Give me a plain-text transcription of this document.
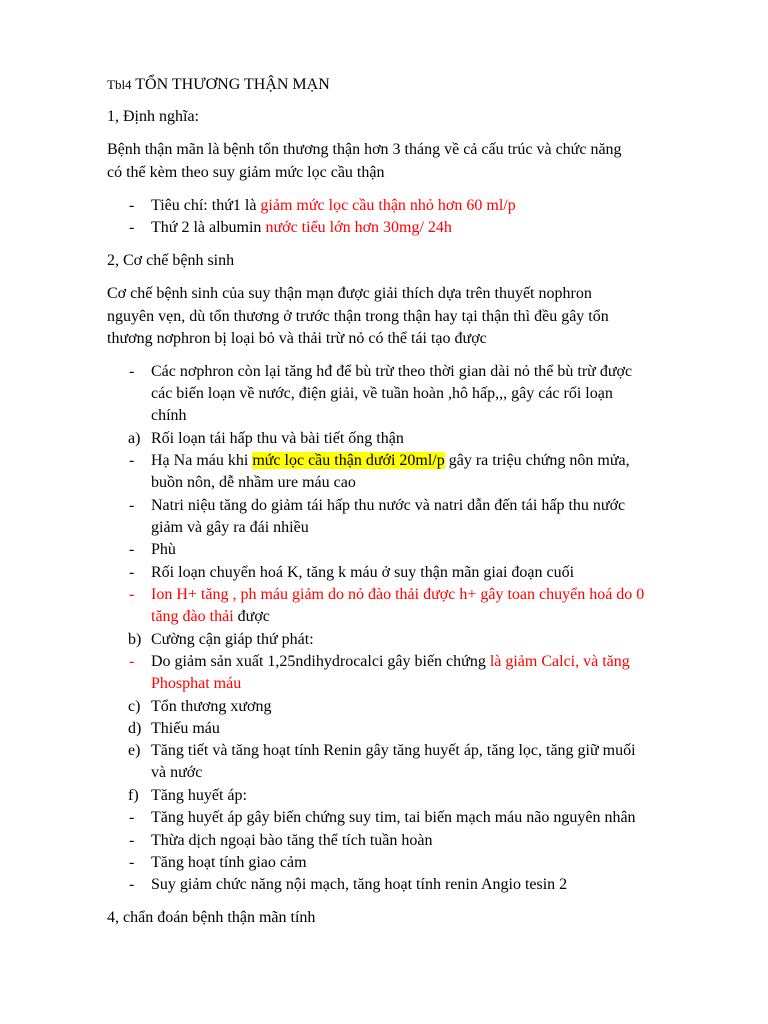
Tbl4 TỔN THƯƠNG THẬN MẠN
1, Định nghĩa:
Bệnh thận mãn là bệnh tổn thương thận hơn 3 tháng về cả cấu trúc và chức năng
có thể kèm theo suy giảm mức lọc cầu thận
- Tiêu chí: thứ1 là giảm mức lọc cầu thận nhỏ hơn 60 ml/p
- Thứ 2 là albumin nước tiểu lớn hơn 30mg/ 24h
2, Cơ chế bệnh sinh
Cơ chế bệnh sinh của suy thận mạn được giải thích dựa trên thuyết nophron
nguyên vẹn, dù tổn thương ở trước thận trong thận hay tại thận thì đều gây tổn
thương nơphron bị loại bỏ và thải trừ nỏ có thể tái tạo được
- Các nơphron còn lại tăng hđ để bù trừ theo thời gian dài nỏ thể bù trừ được
các biến loạn về nước, điện giải, về tuần hoàn ,hô hấp,,, gây các rối loạn
chính
a) Rối loạn tái hấp thu và bài tiết ống thận
- Hạ Na máu khi mức lọc cầu thận dưới 20ml/p gây ra triệu chứng nôn mửa,
buồn nôn, dễ nhầm ure máu cao
- Natri niệu tăng do giảm tái hấp thu nước và natri dẫn đến tái hấp thu nước
giảm và gây ra đái nhiều
- Phù
- Rối loạn chuyển hoá K, tăng k máu ở suy thận mãn giai đoạn cuối
- Ion H+ tăng , ph máu giảm do nỏ đào thải được h+ gây toan chuyển hoá do 0
tăng đào thải được
b) Cường cận giáp thứ phát:
- Do giảm sản xuất 1,25ndihydrocalci gây biến chứng là giảm Calci, và tăng
Phosphat máu
c) Tổn thương xương
d) Thiếu máu
e) Tăng tiết và tăng hoạt tính Renin gây tăng huyết áp, tăng lọc, tăng giữ muối
và nước
f) Tăng huyết áp:
- Tăng huyết áp gây biến chứng suy tim, tai biến mạch máu não nguyên nhân
- Thừa dịch ngoại bào tăng thể tích tuần hoàn
- Tăng hoạt tính giao cảm
- Suy giảm chức năng nội mạch, tăng hoạt tính renin Angio tesin 2
4, chẩn đoán bệnh thận mãn tính
